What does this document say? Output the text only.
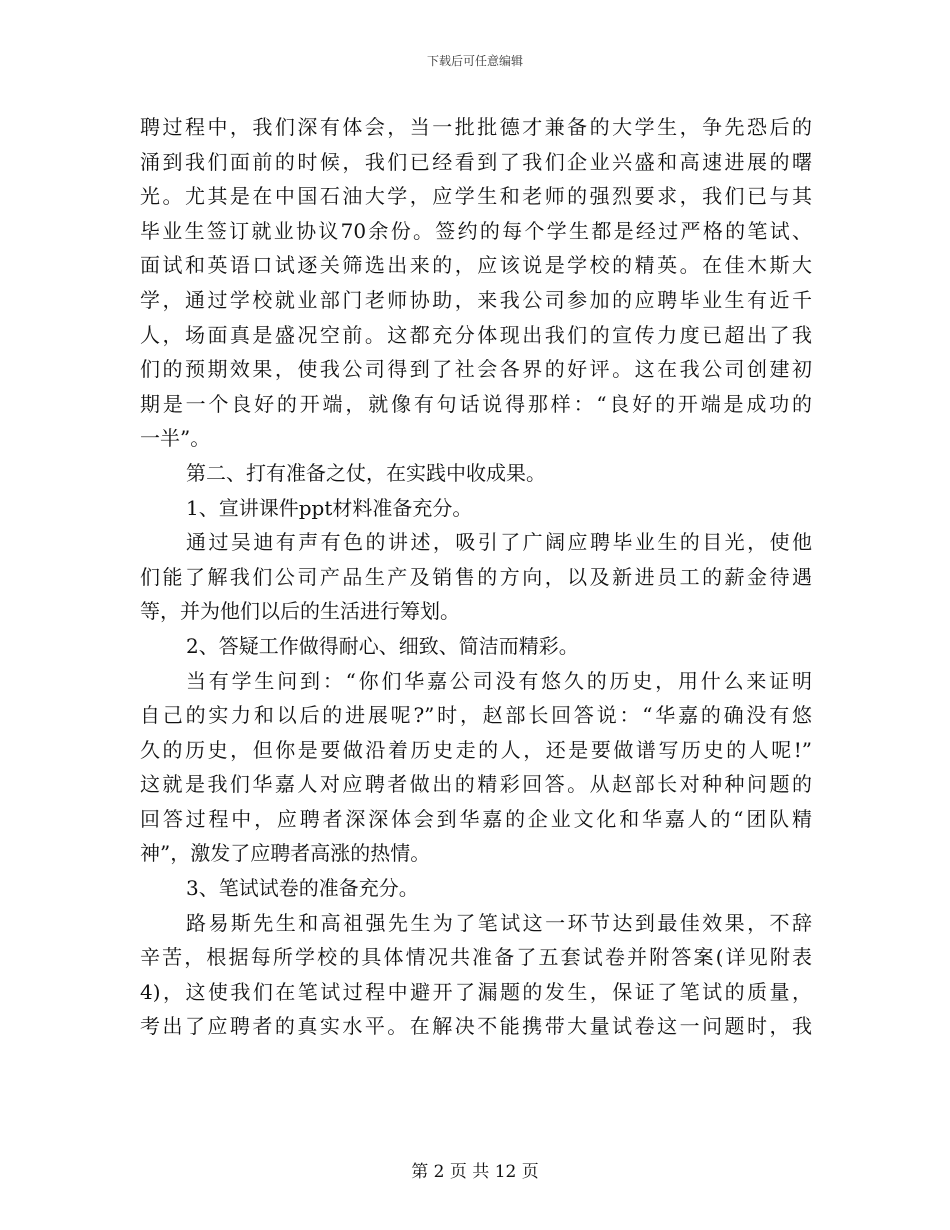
下载后可任意编辑
聘过程中，我们深有体会，当一批批德才兼备的大学生，争先恐后的
涌到我们面前的时候，我们已经看到了我们企业兴盛和高速进展的曙
光。尤其是在中国石油大学，应学生和老师的强烈要求，我们已与其
毕业生签订就业协议70余份。签约的每个学生都是经过严格的笔试、
面试和英语口试逐关筛选出来的，应该说是学校的精英。在佳木斯大
学，通过学校就业部门老师协助，来我公司参加的应聘毕业生有近千
人，场面真是盛况空前。这都充分体现出我们的宣传力度已超出了我
们的预期效果，使我公司得到了社会各界的好评。这在我公司创建初
期是一个良好的开端，就像有句话说得那样：“良好的开端是成功的
一半”。
第二、打有准备之仗，在实践中收成果。
1、宣讲课件ppt材料准备充分。
通过吴迪有声有色的讲述，吸引了广阔应聘毕业生的目光，使他
们能了解我们公司产品生产及销售的方向，以及新进员工的薪金待遇
等，并为他们以后的生活进行筹划。
2、答疑工作做得耐心、细致、简洁而精彩。
当有学生问到：“你们华嘉公司没有悠久的历史，用什么来证明
自己的实力和以后的进展呢?”时，赵部长回答说：“华嘉的确没有悠
久的历史，但你是要做沿着历史走的人，还是要做谱写历史的人呢!”
这就是我们华嘉人对应聘者做出的精彩回答。从赵部长对种种问题的
回答过程中，应聘者深深体会到华嘉的企业文化和华嘉人的“团队精
神”，激发了应聘者高涨的热情。
3、笔试试卷的准备充分。
路易斯先生和高祖强先生为了笔试这一环节达到最佳效果，不辞
辛苦，根据每所学校的具体情况共准备了五套试卷并附答案(详见附表
4)，这使我们在笔试过程中避开了漏题的发生，保证了笔试的质量，
考出了应聘者的真实水平。在解决不能携带大量试卷这一问题时，我
第 2 页 共 12 页
